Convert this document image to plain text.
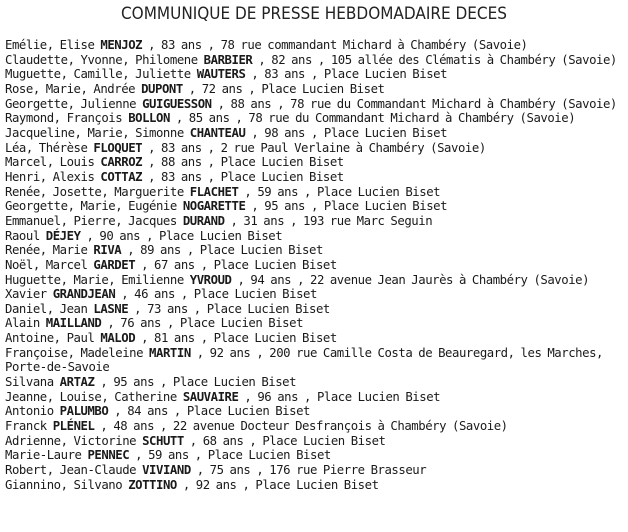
COMMUNIQUE DE PRESSE HEBDOMADAIRE DECES
Emélie, Elise MENJOZ , 83 ans , 78 rue commandant Michard à Chambéry (Savoie)
Claudette, Yvonne, Philomene BARBIER , 82 ans , 105 allée des Clématis à Chambéry (Savoie)
Muguette, Camille, Juliette WAUTERS , 83 ans , Place Lucien Biset
Rose, Marie, Andrée DUPONT , 72 ans , Place Lucien Biset
Georgette, Julienne GUIGUESSON , 88 ans , 78 rue du Commandant Michard à Chambéry (Savoie)
Raymond, François BOLLON , 85 ans , 78 rue du Commandant Michard à Chambéry (Savoie)
Jacqueline, Marie, Simonne CHANTEAU , 98 ans , Place Lucien Biset
Léa, Thérèse FLOQUET , 83 ans , 2 rue Paul Verlaine à Chambéry (Savoie)
Marcel, Louis CARROZ , 88 ans , Place Lucien Biset
Henri, Alexis COTTAZ , 83 ans , Place Lucien Biset
Renée, Josette, Marguerite FLACHET , 59 ans , Place Lucien Biset
Georgette, Marie, Eugénie NOGARETTE , 95 ans , Place Lucien Biset
Emmanuel, Pierre, Jacques DURAND , 31 ans , 193 rue Marc Seguin
Raoul DÉJEY , 90 ans , Place Lucien Biset
Renée, Marie RIVA , 89 ans , Place Lucien Biset
Noël, Marcel GARDET , 67 ans , Place Lucien Biset
Huguette, Marie, Emilienne YVROUD , 94 ans , 22 avenue Jean Jaurès à Chambéry (Savoie)
Xavier GRANDJEAN , 46 ans , Place Lucien Biset
Daniel, Jean LASNE , 73 ans , Place Lucien Biset
Alain MAILLAND , 76 ans , Place Lucien Biset
Antoine, Paul MALOD , 81 ans , Place Lucien Biset
Françoise, Madeleine MARTIN , 92 ans , 200 rue Camille Costa de Beauregard, les Marches, Porte-de-Savoie
Silvana ARTAZ , 95 ans , Place Lucien Biset
Jeanne, Louise, Catherine SAUVAIRE , 96 ans , Place Lucien Biset
Antonio PALUMBO , 84 ans , Place Lucien Biset
Franck PLÉNEL , 48 ans , 22 avenue Docteur Desfrançois à Chambéry (Savoie)
Adrienne, Victorine SCHUTT , 68 ans , Place Lucien Biset
Marie-Laure PENNEC , 59 ans , Place Lucien Biset
Robert, Jean-Claude VIVIAND , 75 ans , 176 rue Pierre Brasseur
Giannino, Silvano ZOTTINO , 92 ans , Place Lucien Biset
